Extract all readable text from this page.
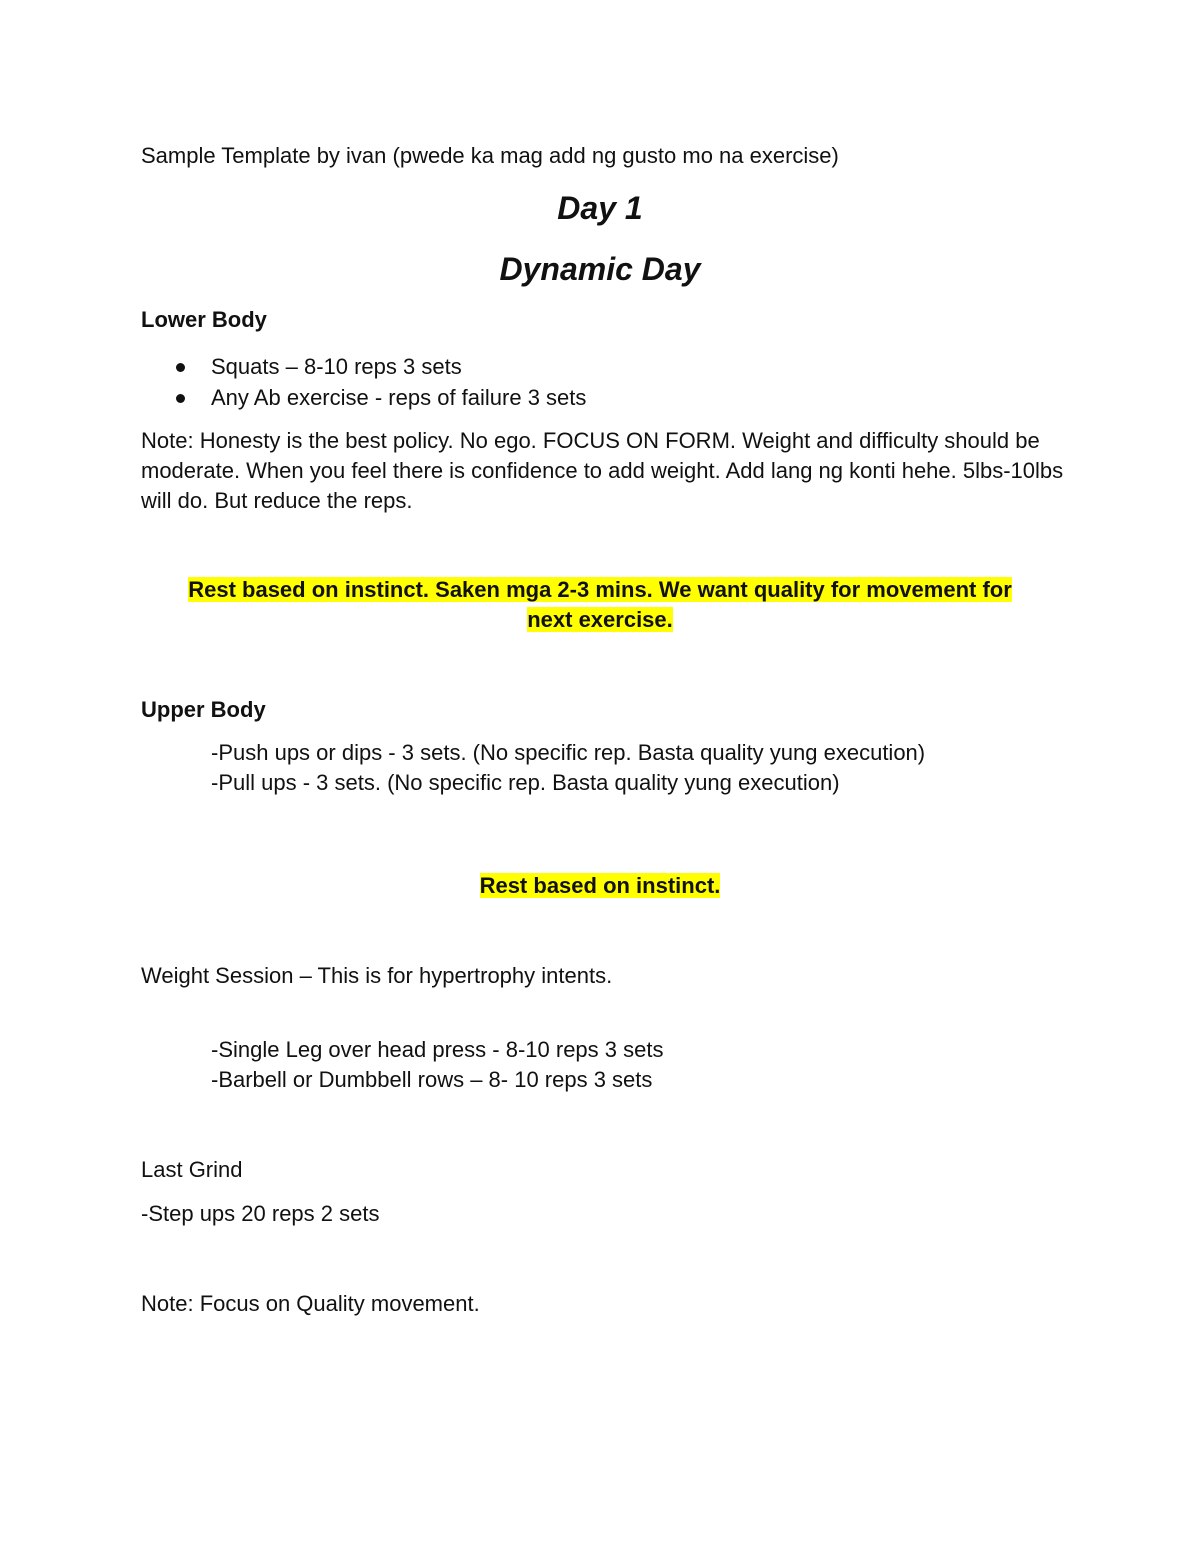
Sample Template by ivan (pwede ka mag add ng gusto mo na exercise)

Day 1
Dynamic Day

Lower Body

Squats – 8-10 reps 3 sets
Any Ab exercise - reps of failure 3 sets

Note: Honesty is the best policy. No ego. FOCUS ON FORM. Weight and difficulty should be moderate. When you feel there is confidence to add weight. Add lang ng konti hehe. 5lbs-10lbs will do. But reduce the reps.

Rest based on instinct. Saken mga 2-3 mins. We want quality for movement for
next exercise.

Upper Body

-Push ups or dips - 3 sets. (No specific rep. Basta quality yung execution)
-Pull ups - 3 sets. (No specific rep. Basta quality yung execution)

Rest based on instinct.

Weight Session – This is for hypertrophy intents.

-Single Leg over head press - 8-10 reps 3 sets
-Barbell or Dumbbell rows – 8- 10 reps 3 sets

Last Grind

-Step ups 20 reps 2 sets

Note: Focus on Quality movement.
